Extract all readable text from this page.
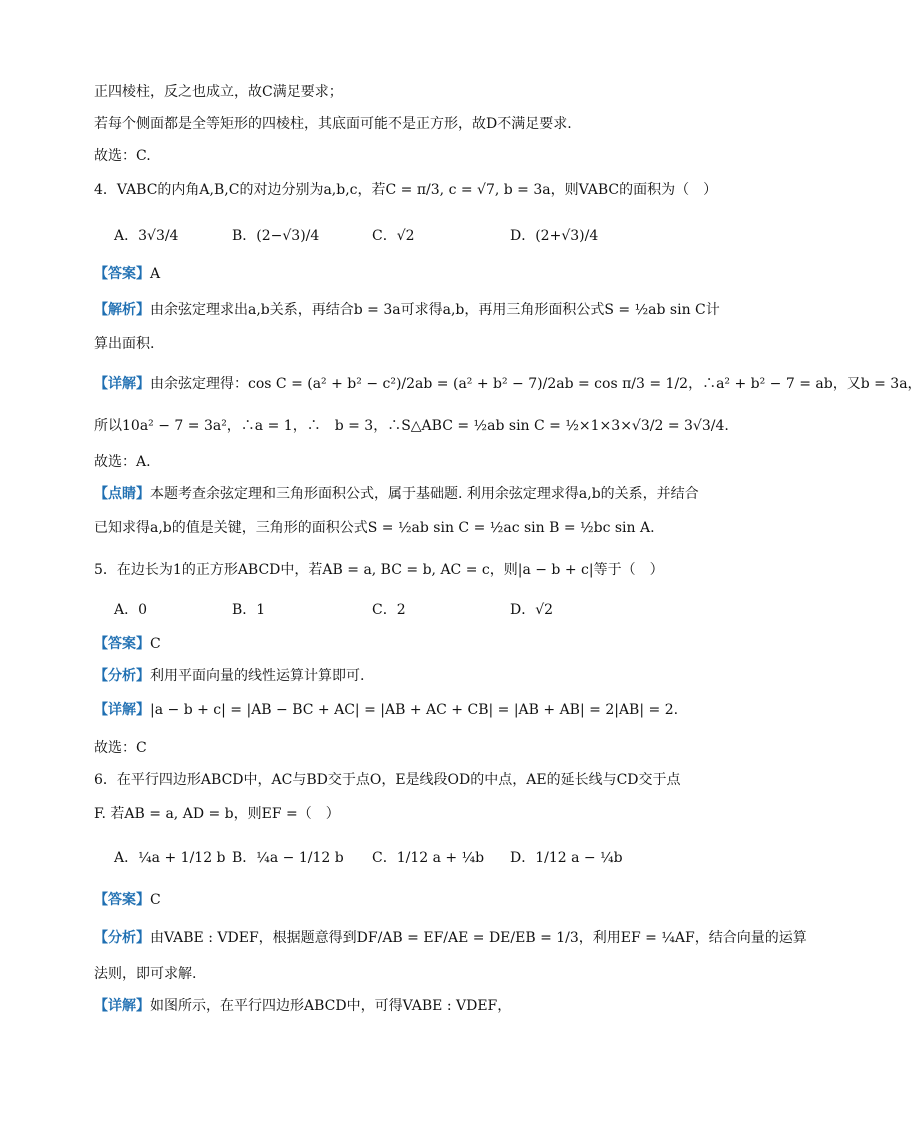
正四棱柱，反之也成立，故C满足要求；
若每个侧面都是全等矩形的四棱柱，其底面可能不是正方形，故D不满足要求.
故选：C.
4．VABC的内角A,B,C的对边分别为a,b,c，若C = π/3, c = √7, b = 3a，则VABC的面积为（　）
A．3√3/4	B．(2−√3)/4	C．√2	D．(2+√3)/4
【答案】A
【解析】由余弦定理求出a,b关系，再结合b = 3a可求得a,b，再用三角形面积公式S = ½ab sin C计
算出面积.
【详解】由余弦定理得：cos C = (a² + b² − c²)/2ab = (a² + b² − 7)/2ab = cos π/3 = 1/2，∴a² + b² − 7 = ab，又b = 3a，
所以10a² − 7 = 3a²，∴a = 1，∴　b = 3，∴S△ABC = ½ab sin C = ½×1×3×√3/2 = 3√3/4.
故选：A.
【点睛】本题考查余弦定理和三角形面积公式，属于基础题. 利用余弦定理求得a,b的关系，并结合
已知求得a,b的值是关键，三角形的面积公式S = ½ab sin C = ½ac sin B = ½bc sin A.
5．在边长为1的正方形ABCD中，若AB = a, BC = b, AC = c，则|a − b + c|等于（　）
A．0	B．1	C．2	D．√2
【答案】C
【分析】利用平面向量的线性运算计算即可.
【详解】|a − b + c| = |AB − BC + AC| = |AB + AC + CB| = |AB + AB| = 2|AB| = 2.
故选：C
6．在平行四边形ABCD中，AC与BD交于点O，E是线段OD的中点，AE的延长线与CD交于点
F. 若AB = a, AD = b，则EF =（　）
A．¼a + 1/12 b B．¼a − 1/12 b C．1/12 a + ¼b D．1/12 a − ¼b
【答案】C
【分析】由VABE : VDEF，根据题意得到DF/AB = EF/AE = DE/EB = 1/3，利用EF = ¼AF，结合向量的运算
法则，即可求解.
【详解】如图所示，在平行四边形ABCD中，可得VABE : VDEF，
